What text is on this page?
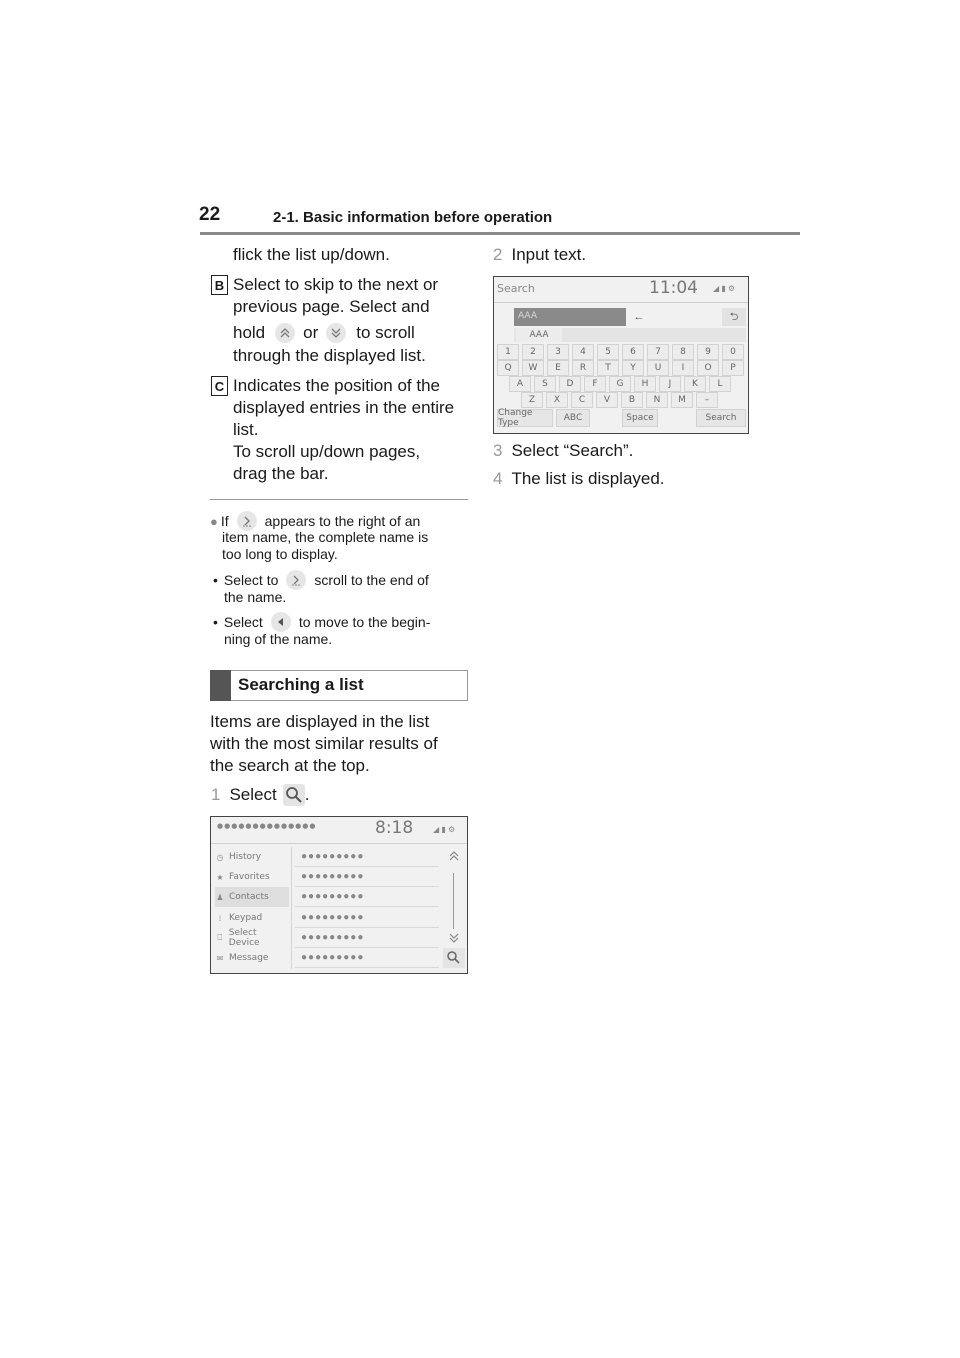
22	2-1. Basic information before operation
flick the list up/down.
B Select to skip to the next or
previous page. Select and
hold or to scroll
through the displayed list.
C Indicates the position of the
displayed entries in the entire
list.
To scroll up/down pages,
drag the bar.
● If	appears to the right of an
item name, the complete name is
too long to display.
• Select to	scroll to the end of
the name.
• Select	to move to the begin-
ning of the name.
Searching a list
Items are displayed in the list
with the most similar results of
the search at the top.
1 Select .
●●●●●●●●●●●●●●	8:18 ◢ ▮ ⚙
◷ History
★ Favorites
♟ Contacts
⁞ Keypad
⎕ Select Device
✉ Message
●●●●●●●●●
●●●●●●●●●
●●●●●●●●●
●●●●●●●●●
●●●●●●●●●
●●●●●●●●●
2 Input text.
Search	11:04 ◢ ▮ ⚙
AAA	←	⮌
AAA
1	2	3	4	5	6	7	8	9	0
Q	W	E	R	T	Y	U	I	O	P
A	S	D	F	G	H	J	K	L
Z	X	C	V	B	N	M	–
Change Type	ABC	Space	Search
3 Select “Search”.
4 The list is displayed.
